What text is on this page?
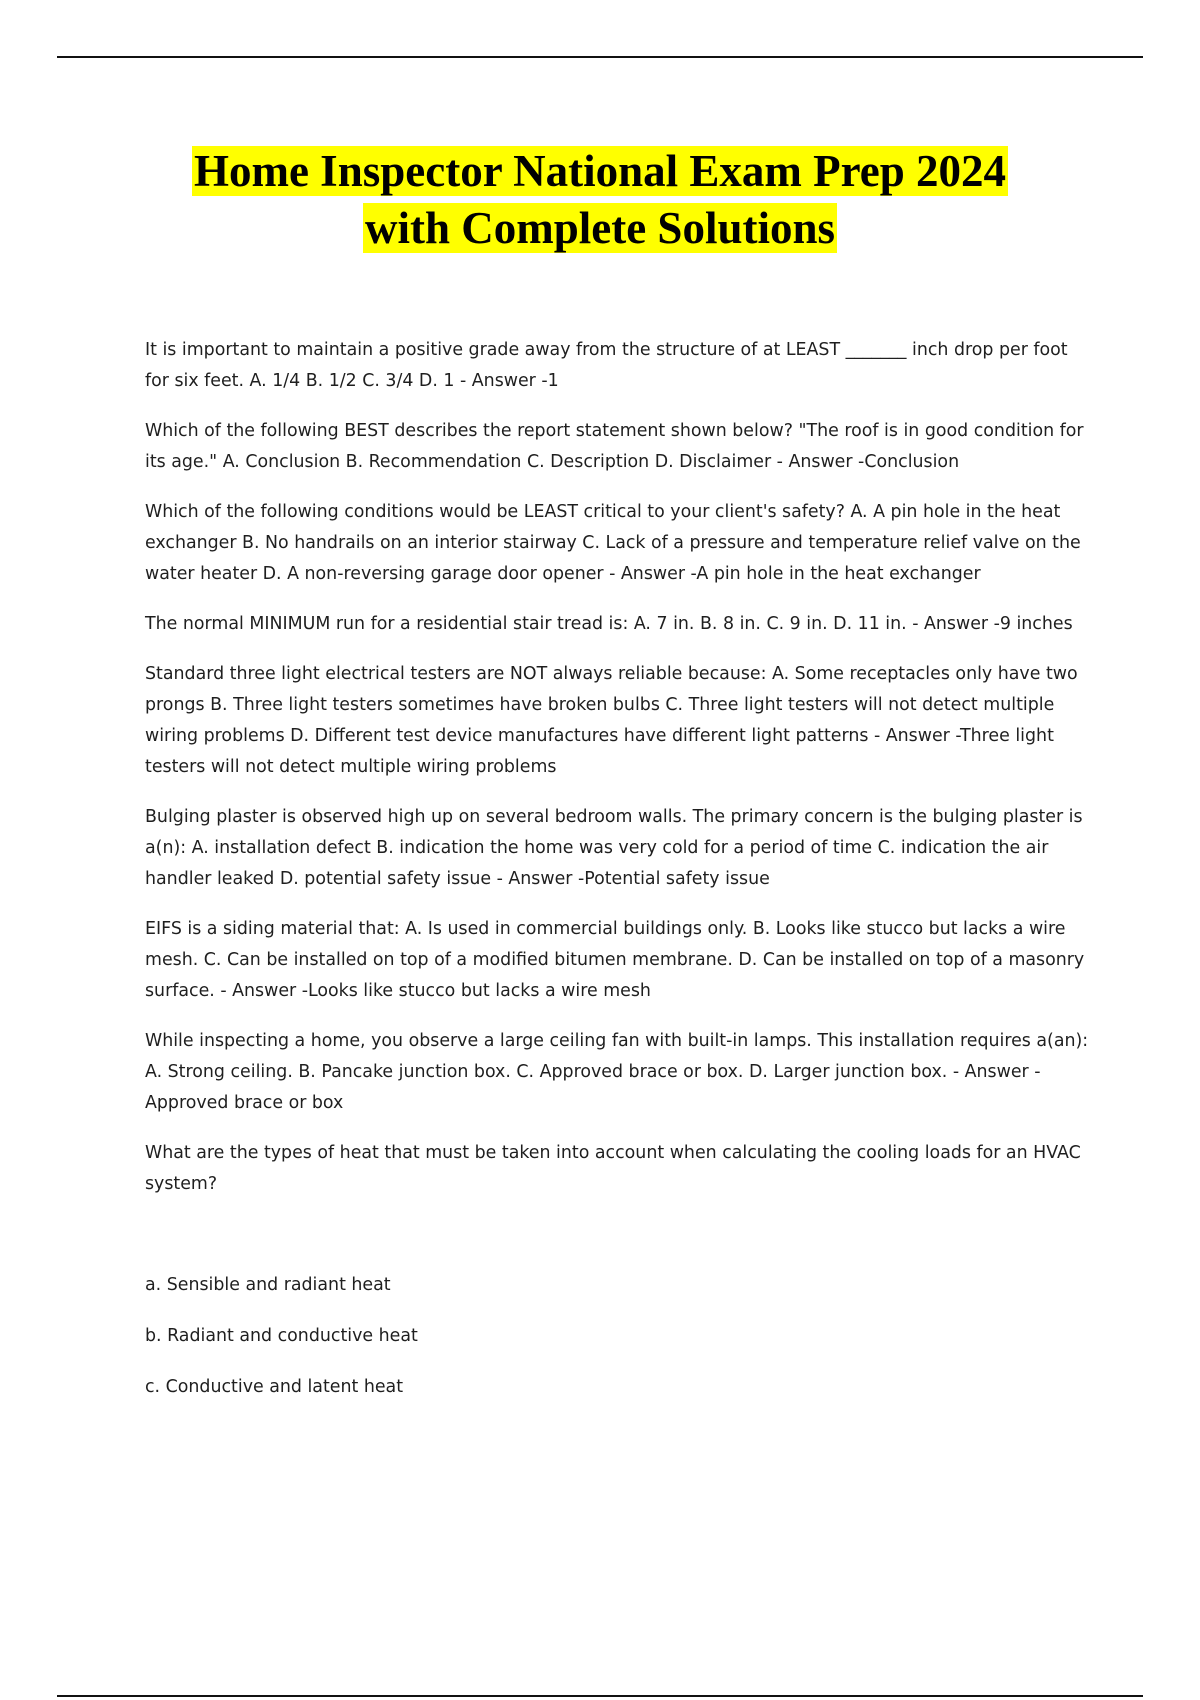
Home Inspector National Exam Prep 2024
with Complete Solutions

It is important to maintain a positive grade away from the structure of at LEAST _______ inch drop per foot for six feet. A. 1/4 B. 1/2 C. 3/4 D. 1 - Answer -1

Which of the following BEST describes the report statement shown below? "The roof is in good condition for its age." A. Conclusion B. Recommendation C. Description D. Disclaimer - Answer -Conclusion

Which of the following conditions would be LEAST critical to your client's safety? A. A pin hole in the heat exchanger B. No handrails on an interior stairway C. Lack of a pressure and temperature relief valve on the water heater D. A non-reversing garage door opener - Answer -A pin hole in the heat exchanger

The normal MINIMUM run for a residential stair tread is: A. 7 in. B. 8 in. C. 9 in. D. 11 in. - Answer -9 inches

Standard three light electrical testers are NOT always reliable because: A. Some receptacles only have two prongs B. Three light testers sometimes have broken bulbs C. Three light testers will not detect multiple wiring problems D. Different test device manufactures have different light patterns - Answer -Three light testers will not detect multiple wiring problems

Bulging plaster is observed high up on several bedroom walls. The primary concern is the bulging plaster is a(n): A. installation defect B. indication the home was very cold for a period of time C. indication the air handler leaked D. potential safety issue - Answer -Potential safety issue

EIFS is a siding material that: A. Is used in commercial buildings only. B. Looks like stucco but lacks a wire mesh. C. Can be installed on top of a modified bitumen membrane. D. Can be installed on top of a masonry surface. - Answer -Looks like stucco but lacks a wire mesh

While inspecting a home, you observe a large ceiling fan with built-in lamps. This installation requires a(an): A. Strong ceiling. B. Pancake junction box. C. Approved brace or box. D. Larger junction box. - Answer -Approved brace or box

What are the types of heat that must be taken into account when calculating the cooling loads for an HVAC system?

a. Sensible and radiant heat

b. Radiant and conductive heat

c. Conductive and latent heat
